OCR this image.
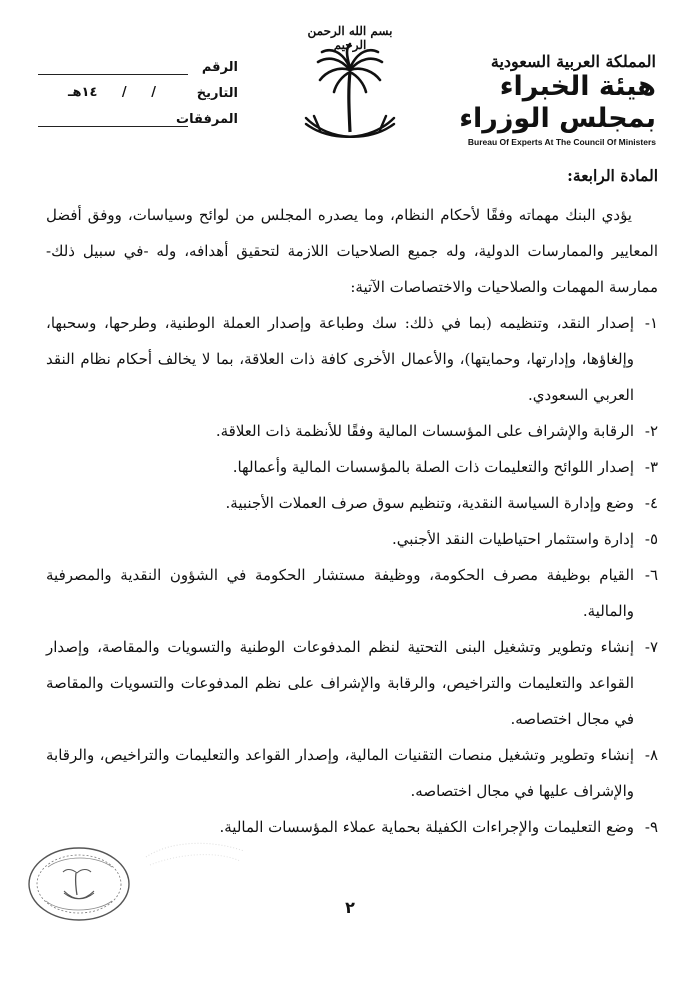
المملكة العربية السعودية
هيئة الخبراء بمجلس الوزراء
Bureau Of Experts At The Council Of Ministers
بسم الله الرحمن الرحيم
الرقم
التاريخ
/ / ١٤هـ
المرفقات
المادة الرابعة:

يؤدي البنك مهماته وفقًا لأحكام النظام، وما يصدره المجلس من لوائح وسياسات، ووفق أفضل المعايير والممارسات الدولية، وله جميع الصلاحيات اللازمة لتحقيق أهدافه، وله -في سبيل ذلك- ممارسة المهمات والصلاحيات والاختصاصات الآتية:

١-

إصدار النقد، وتنظيمه (بما في ذلك: سك وطباعة وإصدار العملة الوطنية، وطرحها، وسحبها، وإلغاؤها، وإدارتها، وحمايتها)، والأعمال الأخرى كافة ذات العلاقة، بما لا يخالف أحكام نظام النقد العربي السعودي.

٢-

الرقابة والإشراف على المؤسسات المالية وفقًا للأنظمة ذات العلاقة.

٣-

إصدار اللوائح والتعليمات ذات الصلة بالمؤسسات المالية وأعمالها.

٤-

وضع وإدارة السياسة النقدية، وتنظيم سوق صرف العملات الأجنبية.

٥-

إدارة واستثمار احتياطيات النقد الأجنبي.

٦-

القيام بوظيفة مصرف الحكومة، ووظيفة مستشار الحكومة في الشؤون النقدية والمصرفية والمالية.

٧-

إنشاء وتطوير وتشغيل البنى التحتية لنظم المدفوعات الوطنية والتسويات والمقاصة، وإصدار القواعد والتعليمات والتراخيص، والرقابة والإشراف على نظم المدفوعات والتسويات والمقاصة في مجال اختصاصه.

٨-

إنشاء وتطوير وتشغيل منصات التقنيات المالية، وإصدار القواعد والتعليمات والتراخيص، والرقابة والإشراف عليها في مجال اختصاصه.

٩-

وضع التعليمات والإجراءات الكفيلة بحماية عملاء المؤسسات المالية.

٢
